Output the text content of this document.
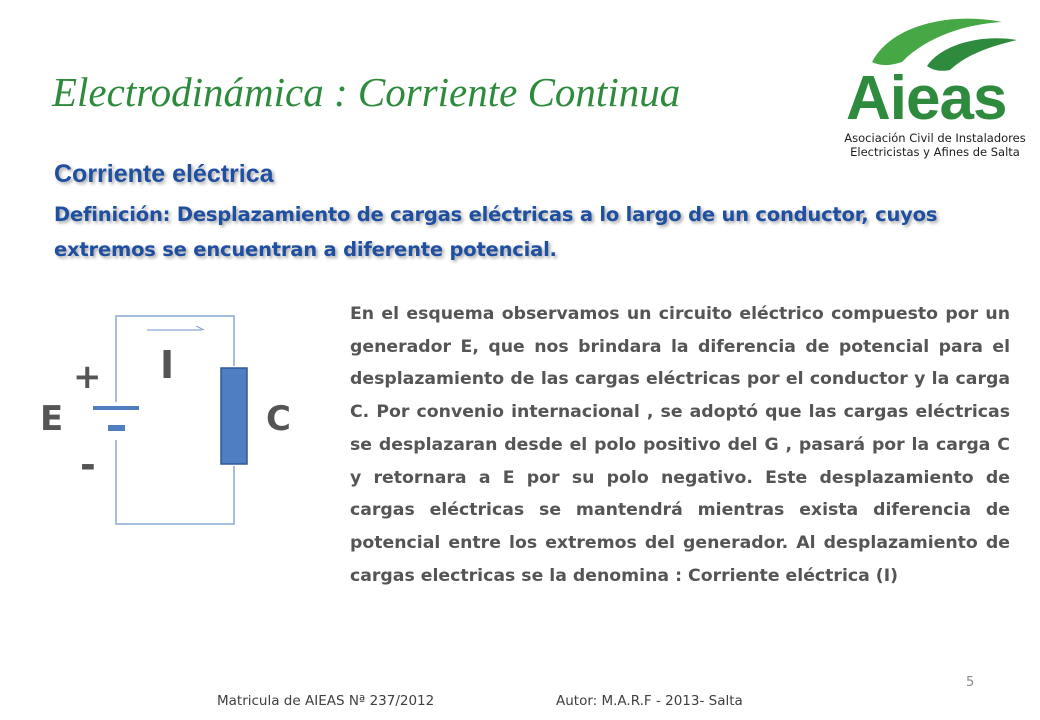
Electrodinámica : Corriente Continua	Aieas
Asociación Civil de Instaladores
Electricistas y Afines de Salta
Corriente eléctrica
Definición: Desplazamiento de cargas eléctricas a lo largo de un conductor, cuyos extremos se encuentran a diferente potencial.
+
E
-
I
C
En el esquema observamos un circuito eléctrico compuesto por un generador E, que nos brindara la diferencia de potencial para el desplazamiento de las cargas eléctricas por el conductor y la carga C. Por convenio internacional , se adoptó que las cargas eléctricas se desplazaran desde el polo positivo del G , pasará por la carga C y retornara a E por su polo negativo. Este desplazamiento de cargas eléctricas se mantendrá mientras exista diferencia de potencial entre los extremos del generador. Al desplazamiento de cargas electricas se la denomina : Corriente eléctrica (I)
5
Matricula de AIEAS Nª 237/2012	Autor: M.A.R.F - 2013- Salta
